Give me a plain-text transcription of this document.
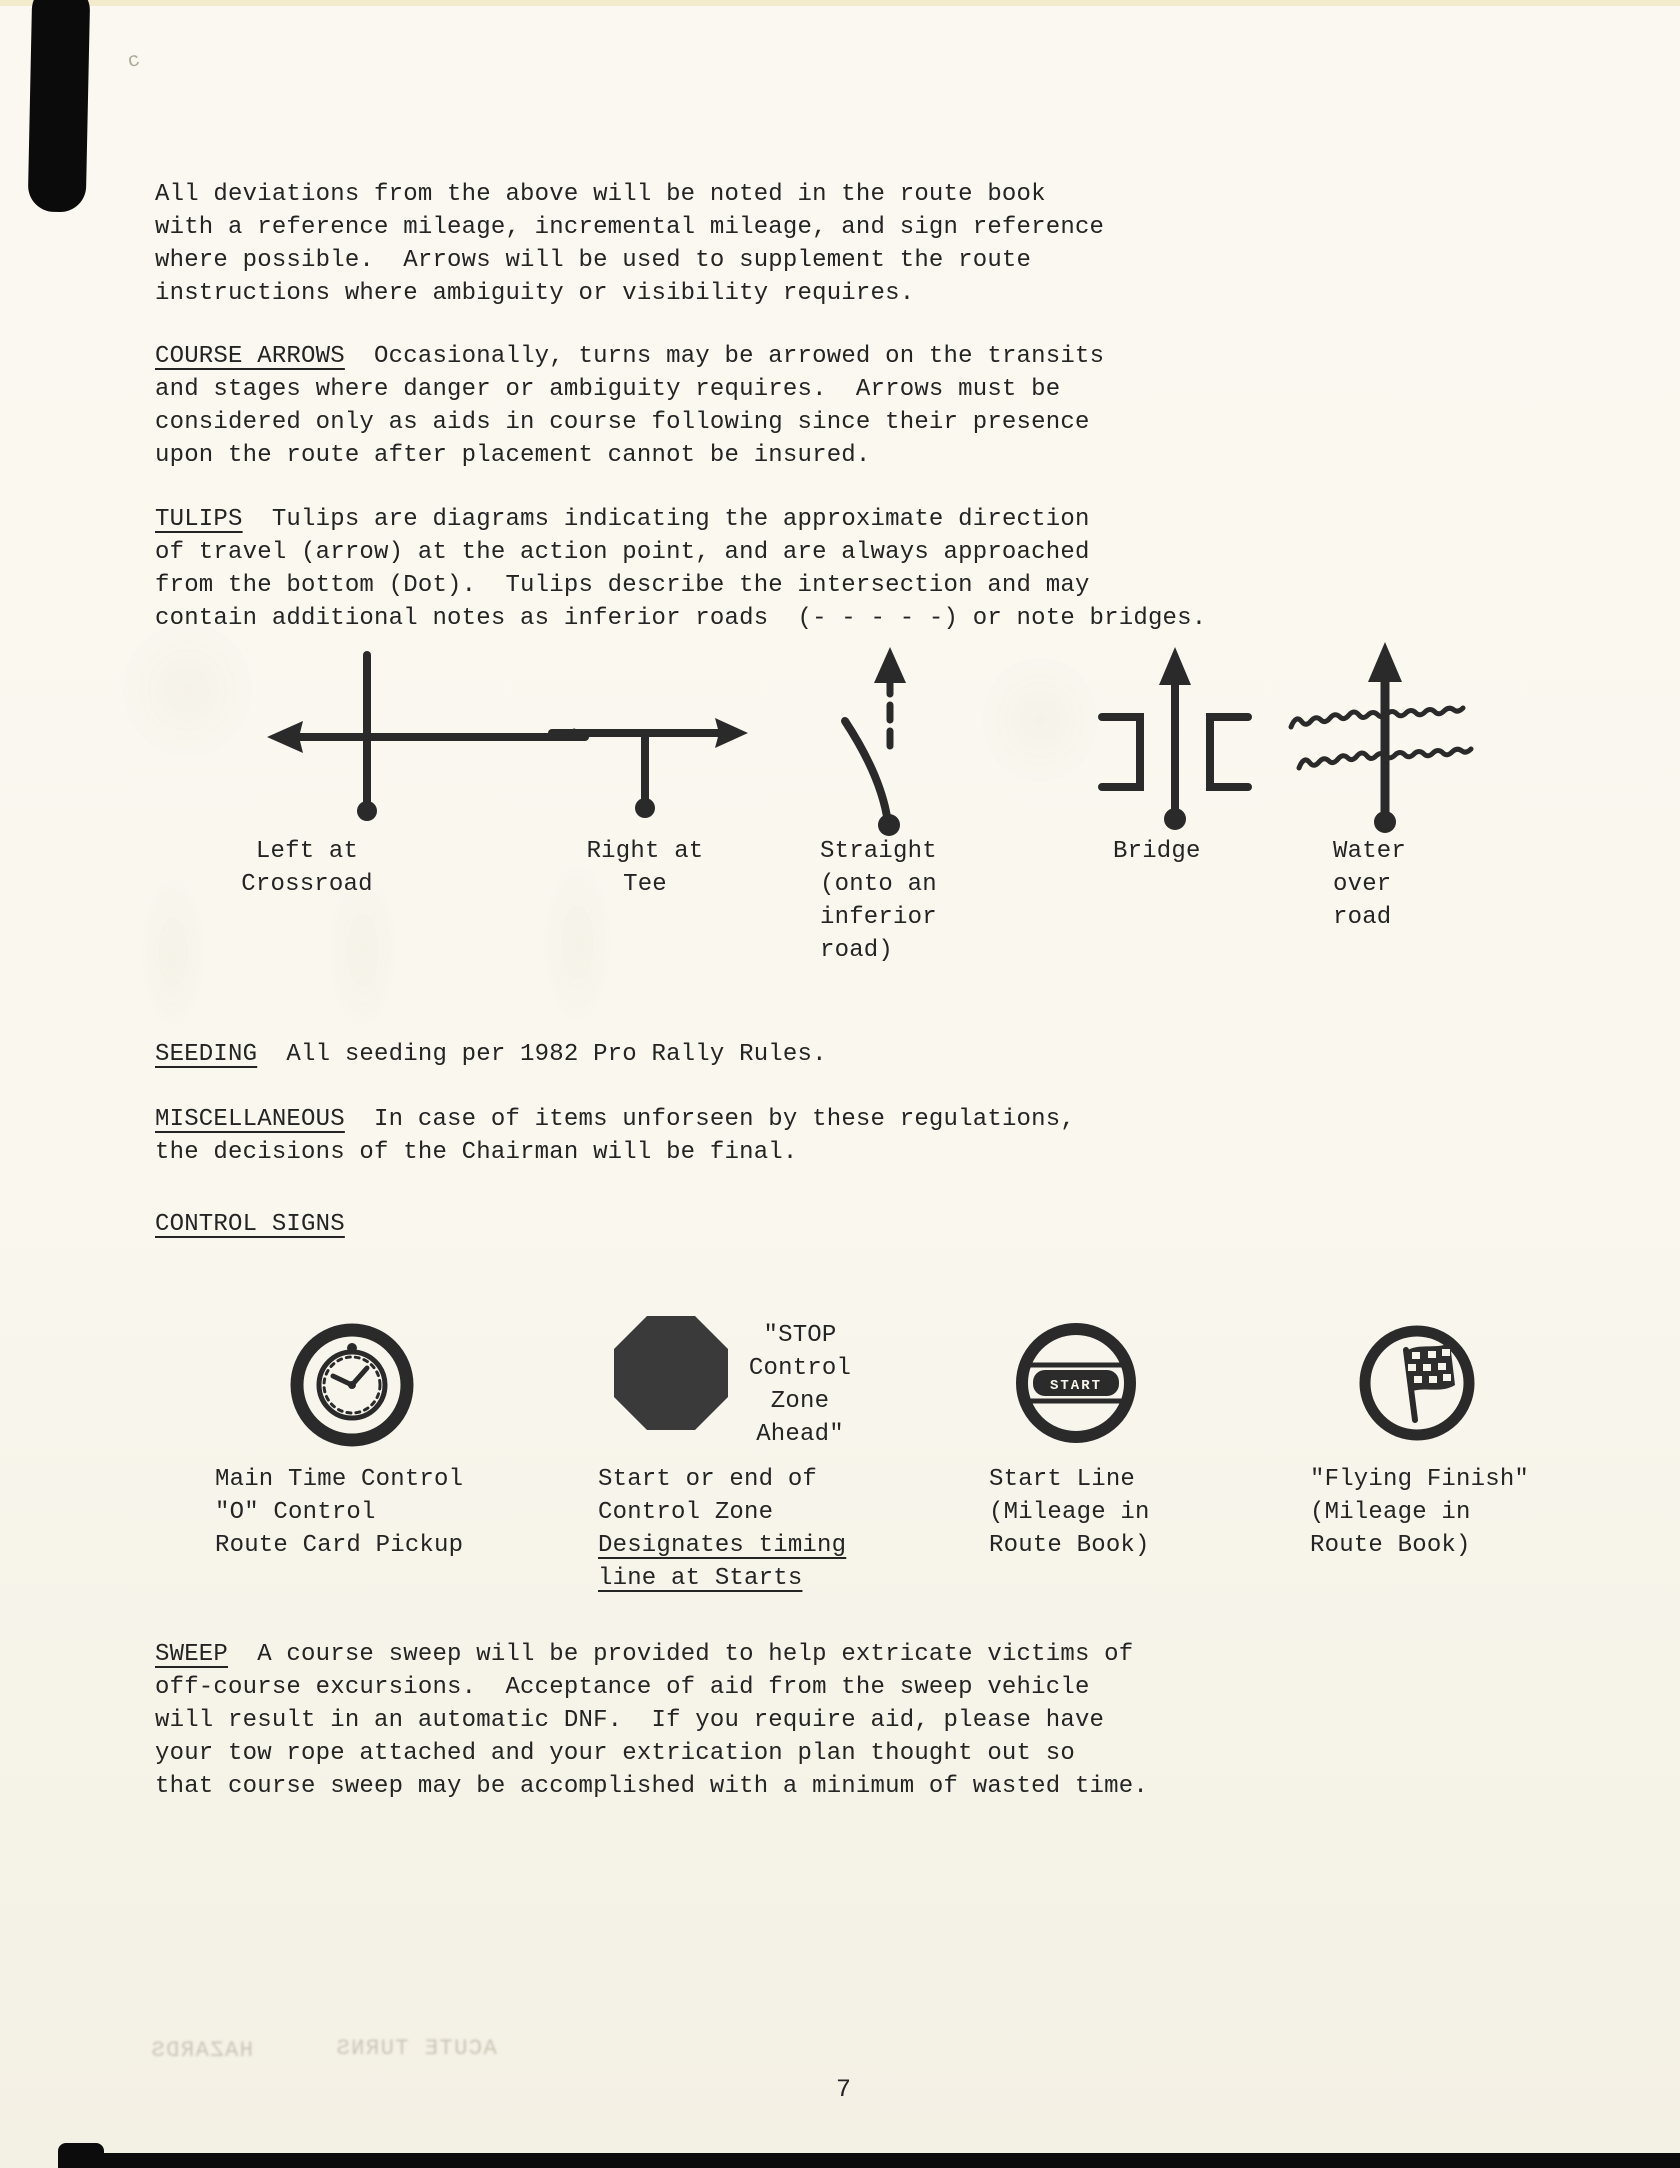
c
All deviations from the above will be noted in the route book
with a reference mileage, incremental mileage, and sign reference
where possible.  Arrows will be used to supplement the route
instructions where ambiguity or visibility requires.
COURSE ARROWS  Occasionally, turns may be arrowed on the transits
and stages where danger or ambiguity requires.  Arrows must be
considered only as aids in course following since their presence
upon the route after placement cannot be insured.
TULIPS  Tulips are diagrams indicating the approximate direction
of travel (arrow) at the action point, and are always approached
from the bottom (Dot).  Tulips describe the intersection and may
contain additional notes as inferior roads  (- - - - -) or note bridges.
Left at
Crossroad
Right at
Tee
Straight
(onto an
inferior
road)
Bridge	Water
over
road
SEEDING  All seeding per 1982 Pro Rally Rules.
MISCELLANEOUS  In case of items unforseen by these regulations,
the decisions of the Chairman will be final.
CONTROL SIGNS
START
"STOP
Control
Zone
Ahead"
Main Time Control
"O" Control
Route Card Pickup
Start or end of
Control Zone
Designates timing
line at Starts
Start Line
(Mileage in
Route Book)
"Flying Finish"
(Mileage in
Route Book)
SWEEP  A course sweep will be provided to help extricate victims of
off-course excursions.  Acceptance of aid from the sweep vehicle
will result in an automatic DNF.  If you require aid, please have
your tow rope attached and your extrication plan thought out so
that course sweep may be accomplished with a minimum of wasted time.
HAZARDS	ACUTE TURNS
7
